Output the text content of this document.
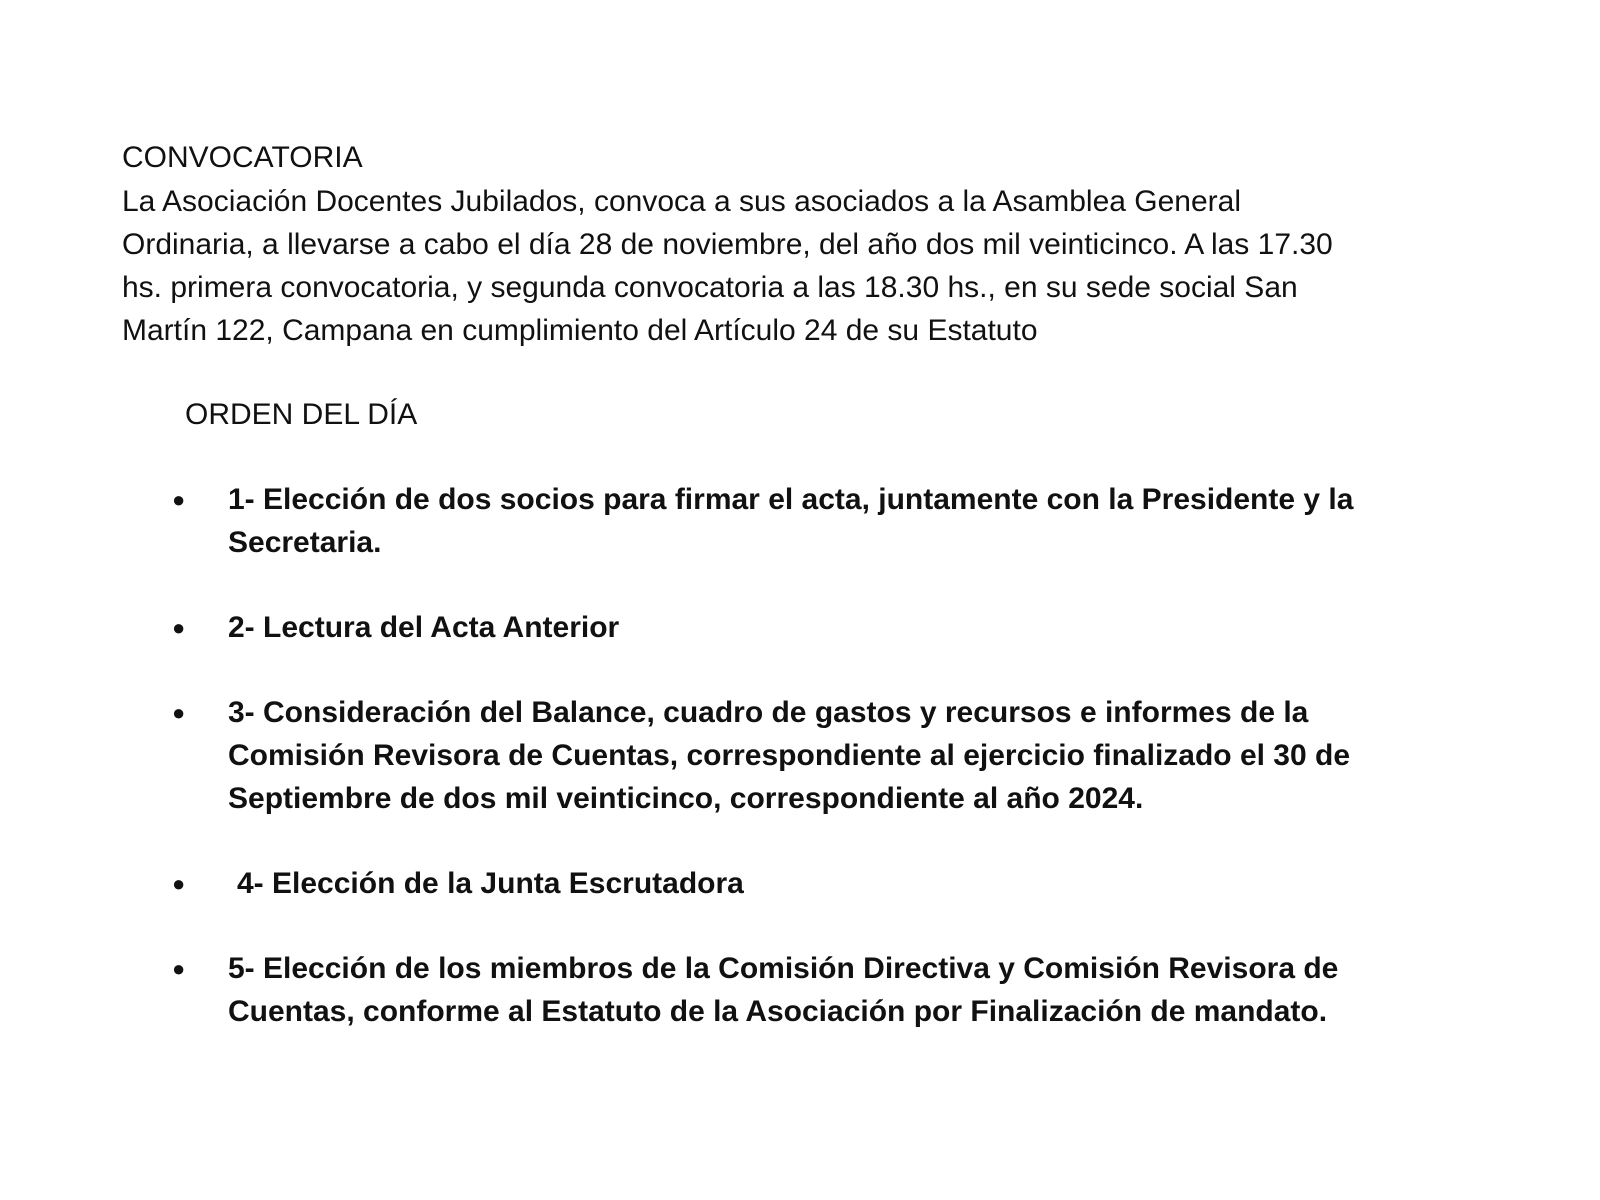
CONVOCATORIA
La Asociación Docentes Jubilados, convoca a sus asociados a la Asamblea General
Ordinaria, a llevarse a cabo el día 28 de noviembre, del año dos mil veinticinco. A las 17.30
hs. primera convocatoria, y segunda convocatoria a las 18.30 hs., en su sede social San
Martín 122, Campana en cumplimiento del Artículo 24 de su Estatuto
ORDEN DEL DÍA
● 1- Elección de dos socios para firmar el acta, juntamente con la Presidente y la
Secretaria.
● 2- Lectura del Acta Anterior
● 3- Consideración del Balance, cuadro de gastos y recursos e informes de la
Comisión Revisora de Cuentas, correspondiente al ejercicio finalizado el 30 de
Septiembre de dos mil veinticinco, correspondiente al año 2024.
●	4- Elección de la Junta Escrutadora
● 5- Elección de los miembros de la Comisión Directiva y Comisión Revisora de
Cuentas, conforme al Estatuto de la Asociación por Finalización de mandato.
